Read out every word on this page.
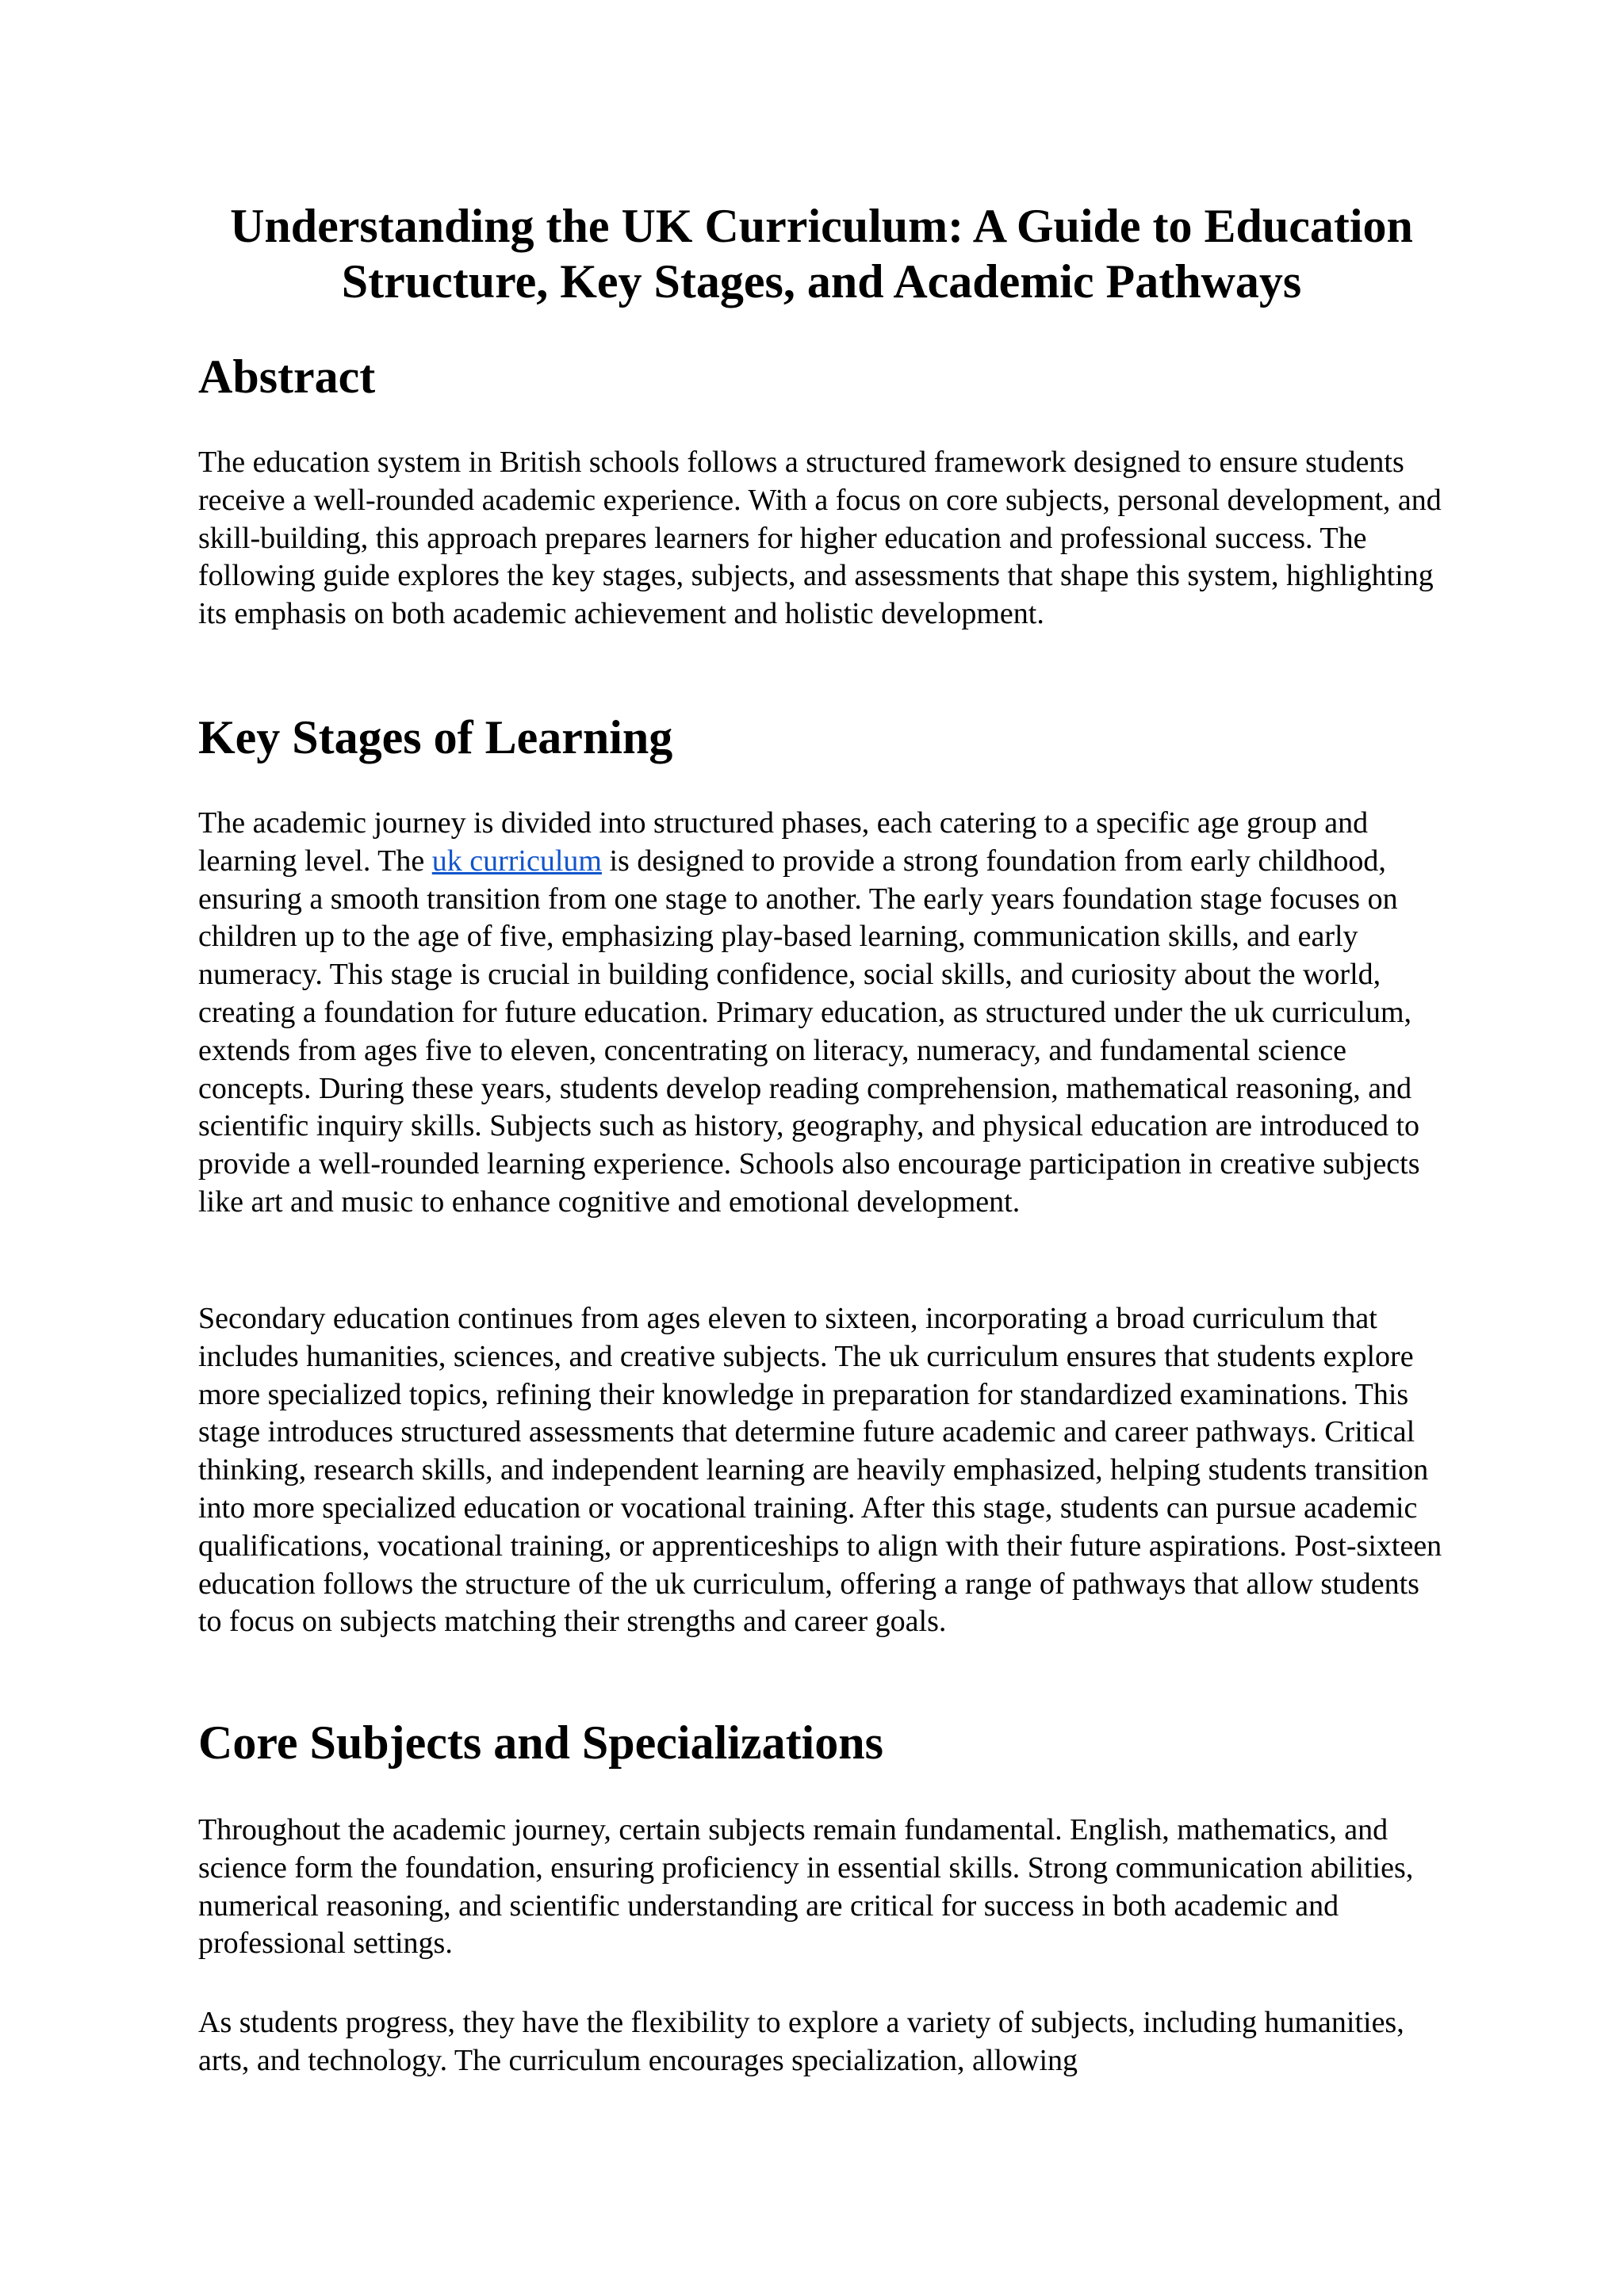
Understanding the UK Curriculum: A Guide to Education
Structure, Key Stages, and Academic Pathways
Abstract

The education system in British schools follows a structured framework designed to ensure students receive a well-rounded academic experience. With a focus on core subjects, personal development, and skill-building, this approach prepares learners for higher education and professional success. The following guide explores the key stages, subjects, and assessments that shape this system, highlighting its emphasis on both academic achievement and holistic development.

Key Stages of Learning

The academic journey is divided into structured phases, each catering to a specific age group and learning level. The uk curriculum is designed to provide a strong foundation from early childhood, ensuring a smooth transition from one stage to another. The early years foundation stage focuses on children up to the age of five, emphasizing play-based learning, communication skills, and early numeracy. This stage is crucial in building confidence, social skills, and curiosity about the world, creating a foundation for future education. Primary education, as structured under the uk curriculum, extends from ages five to eleven, concentrating on literacy, numeracy, and fundamental science concepts. During these years, students develop reading comprehension, mathematical reasoning, and scientific inquiry skills. Subjects such as history, geography, and physical education are introduced to provide a well-rounded learning experience. Schools also encourage participation in creative subjects like art and music to enhance cognitive and emotional development.

Secondary education continues from ages eleven to sixteen, incorporating a broad curriculum that includes humanities, sciences, and creative subjects. The uk curriculum ensures that students explore more specialized topics, refining their knowledge in preparation for standardized examinations. This stage introduces structured assessments that determine future academic and career pathways. Critical thinking, research skills, and independent learning are heavily emphasized, helping students transition into more specialized education or vocational training. After this stage, students can pursue academic qualifications, vocational training, or apprenticeships to align with their future aspirations. Post-sixteen education follows the structure of the uk curriculum, offering a range of pathways that allow students to focus on subjects matching their strengths and career goals.

Core Subjects and Specializations

Throughout the academic journey, certain subjects remain fundamental. English, mathematics, and science form the foundation, ensuring proficiency in essential skills. Strong communication abilities, numerical reasoning, and scientific understanding are critical for success in both academic and professional settings.

As students progress, they have the flexibility to explore a variety of subjects, including humanities, arts, and technology. The curriculum encourages specialization, allowing
